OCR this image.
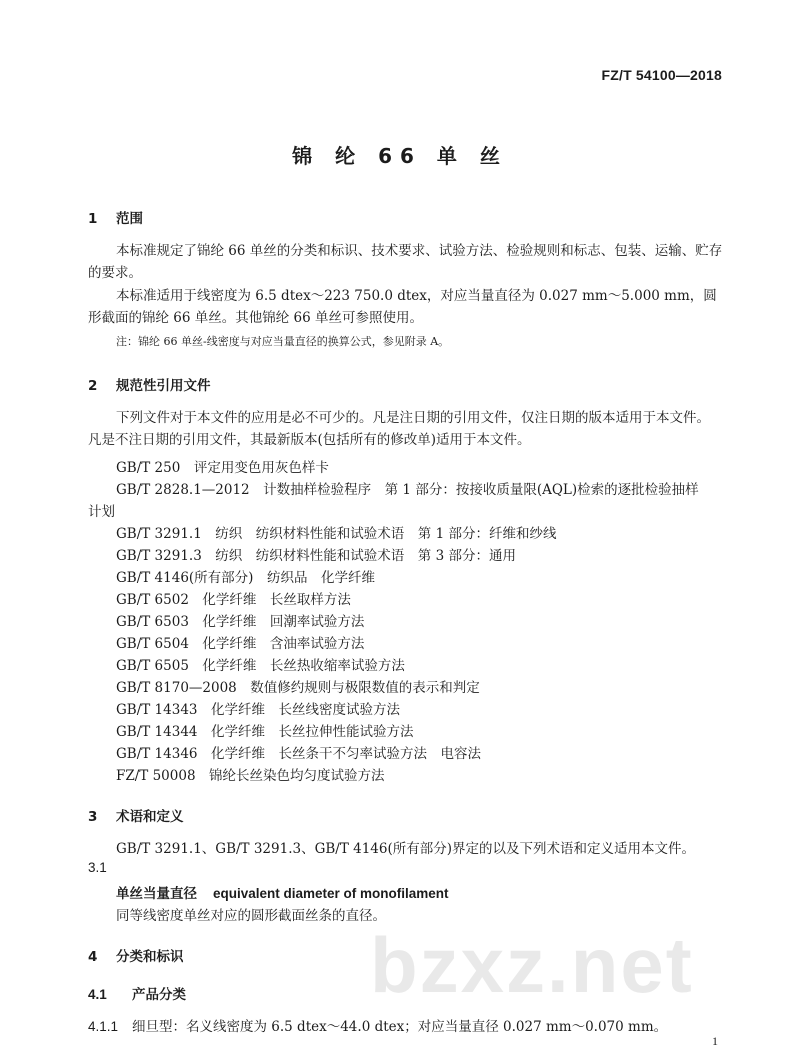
FZ/T 54100—2018
锦 纶 66 单 丝
1 范围
本标准规定了锦纶 66 单丝的分类和标识、技术要求、试验方法、检验规则和标志、包装、运输、贮存的要求。
本标准适用于线密度为 6.5 dtex～223 750.0 dtex，对应当量直径为 0.027 mm～5.000 mm，圆形截面的锦纶 66 单丝。其他锦纶 66 单丝可参照使用。
注：锦纶 66 单丝-线密度与对应当量直径的换算公式，参见附录 A。
2 规范性引用文件
下列文件对于本文件的应用是必不可少的。凡是注日期的引用文件，仅注日期的版本适用于本文件。凡是不注日期的引用文件，其最新版本(包括所有的修改单)适用于本文件。
GB/T 250　评定用变色用灰色样卡
GB/T 2828.1—2012　计数抽样检验程序　第 1 部分：按接收质量限(AQL)检索的逐批检验抽样
计划
GB/T 3291.1　纺织　纺织材料性能和试验术语　第 1 部分：纤维和纱线
GB/T 3291.3　纺织　纺织材料性能和试验术语　第 3 部分：通用
GB/T 4146(所有部分)　纺织品　化学纤维
GB/T 6502　化学纤维　长丝取样方法
GB/T 6503　化学纤维　回潮率试验方法
GB/T 6504　化学纤维　含油率试验方法
GB/T 6505　化学纤维　长丝热收缩率试验方法
GB/T 8170—2008　数值修约规则与极限数值的表示和判定
GB/T 14343　化学纤维　长丝线密度试验方法
GB/T 14344　化学纤维　长丝拉伸性能试验方法
GB/T 14346　化学纤维　长丝条干不匀率试验方法　电容法
FZ/T 50008　锦纶长丝染色均匀度试验方法
3 术语和定义
GB/T 3291.1、GB/T 3291.3、GB/T 4146(所有部分)界定的以及下列术语和定义适用本文件。
3.1
单丝当量直径 equivalent diameter of monofilament
同等线密度单丝对应的圆形截面丝条的直径。
4 分类和标识
4.1 产品分类
4.1.1 细旦型：名义线密度为 6.5 dtex～44.0 dtex；对应当量直径 0.027 mm～0.070 mm。
bzxz.net
1
